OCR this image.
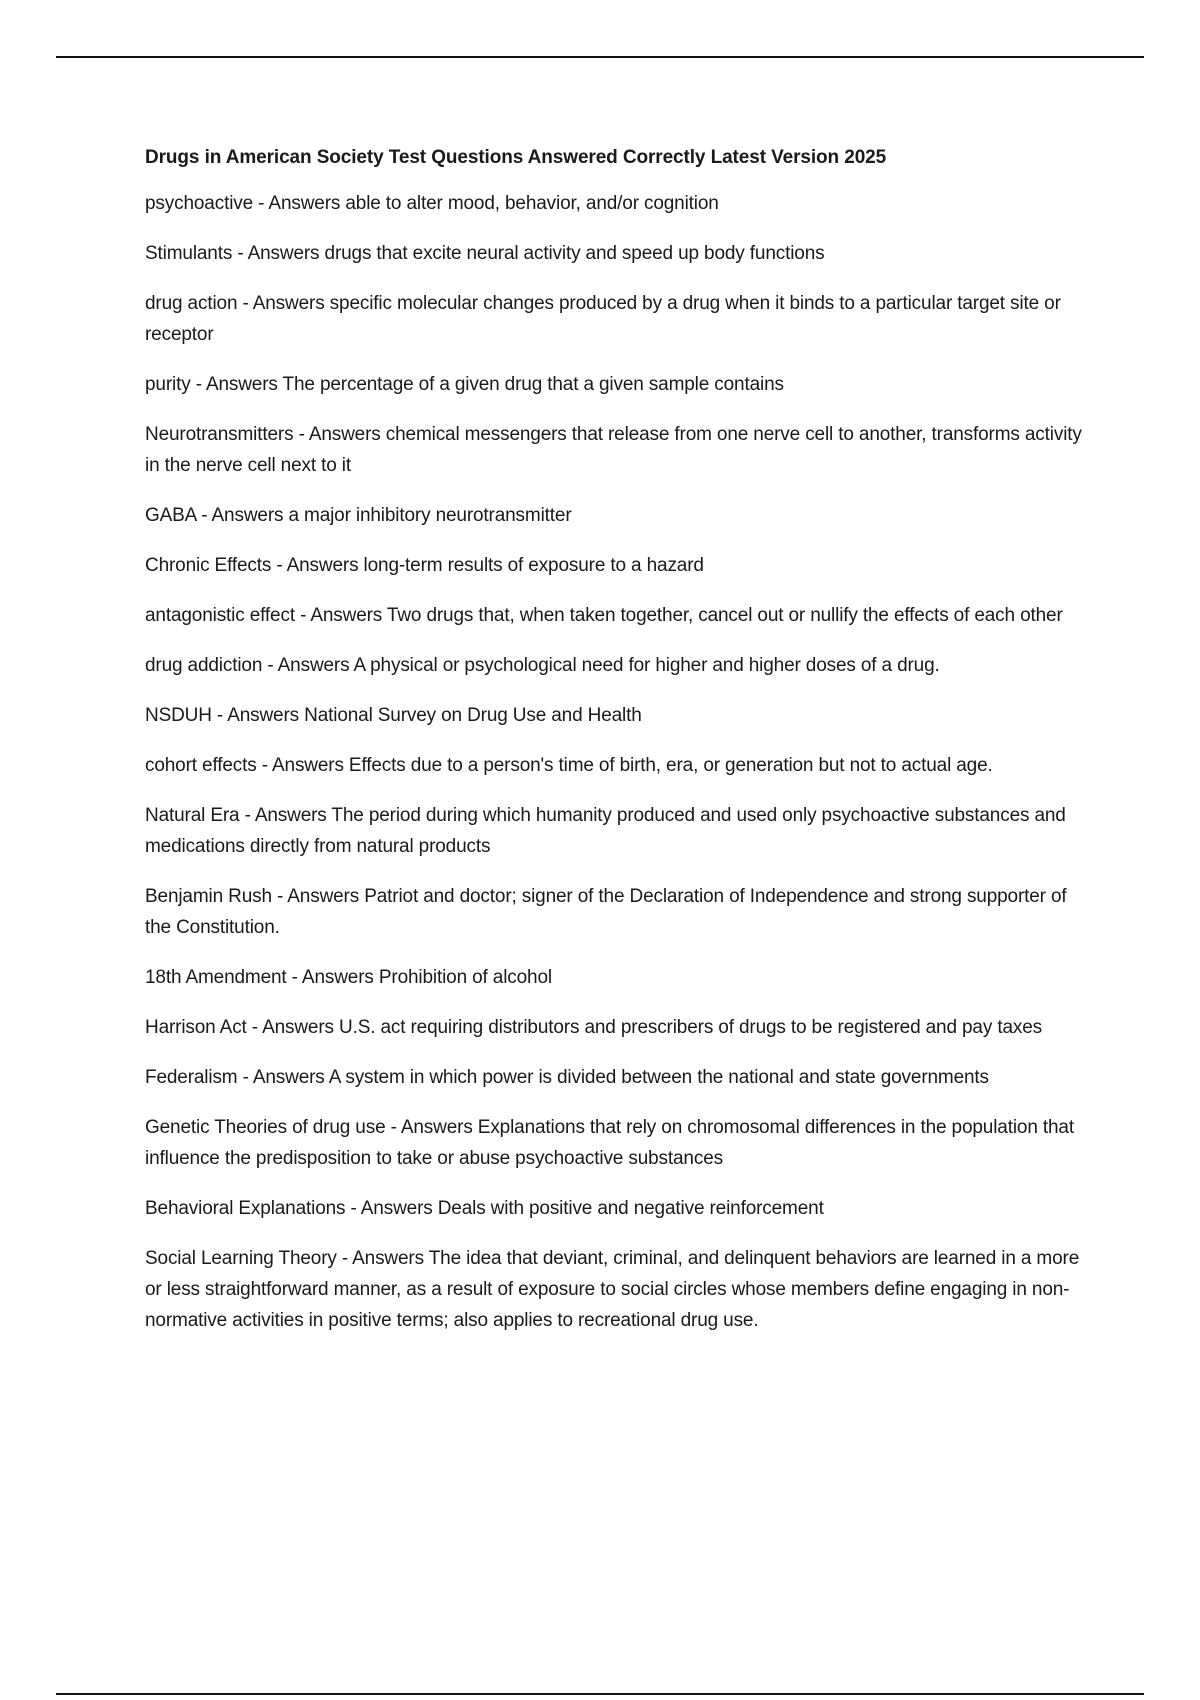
Drugs in American Society Test Questions Answered Correctly Latest Version 2025
psychoactive - Answers able to alter mood, behavior, and/or cognition
Stimulants - Answers drugs that excite neural activity and speed up body functions
drug action - Answers specific molecular changes produced by a drug when it binds to a particular target site or receptor
purity - Answers The percentage of a given drug that a given sample contains
Neurotransmitters - Answers chemical messengers that release from one nerve cell to another, transforms activity in the nerve cell next to it
GABA - Answers a major inhibitory neurotransmitter
Chronic Effects - Answers long-term results of exposure to a hazard
antagonistic effect - Answers Two drugs that, when taken together, cancel out or nullify the effects of each other
drug addiction - Answers A physical or psychological need for higher and higher doses of a drug.
NSDUH - Answers National Survey on Drug Use and Health
cohort effects - Answers Effects due to a person's time of birth, era, or generation but not to actual age.
Natural Era - Answers The period during which humanity produced and used only psychoactive substances and medications directly from natural products
Benjamin Rush - Answers Patriot and doctor; signer of the Declaration of Independence and strong supporter of the Constitution.
18th Amendment - Answers Prohibition of alcohol
Harrison Act - Answers U.S. act requiring distributors and prescribers of drugs to be registered and pay taxes
Federalism - Answers A system in which power is divided between the national and state governments
Genetic Theories of drug use - Answers Explanations that rely on chromosomal differences in the population that influence the predisposition to take or abuse psychoactive substances
Behavioral Explanations - Answers Deals with positive and negative reinforcement
Social Learning Theory - Answers The idea that deviant, criminal, and delinquent behaviors are learned in a more or less straightforward manner, as a result of exposure to social circles whose members define engaging in non-normative activities in positive terms; also applies to recreational drug use.
